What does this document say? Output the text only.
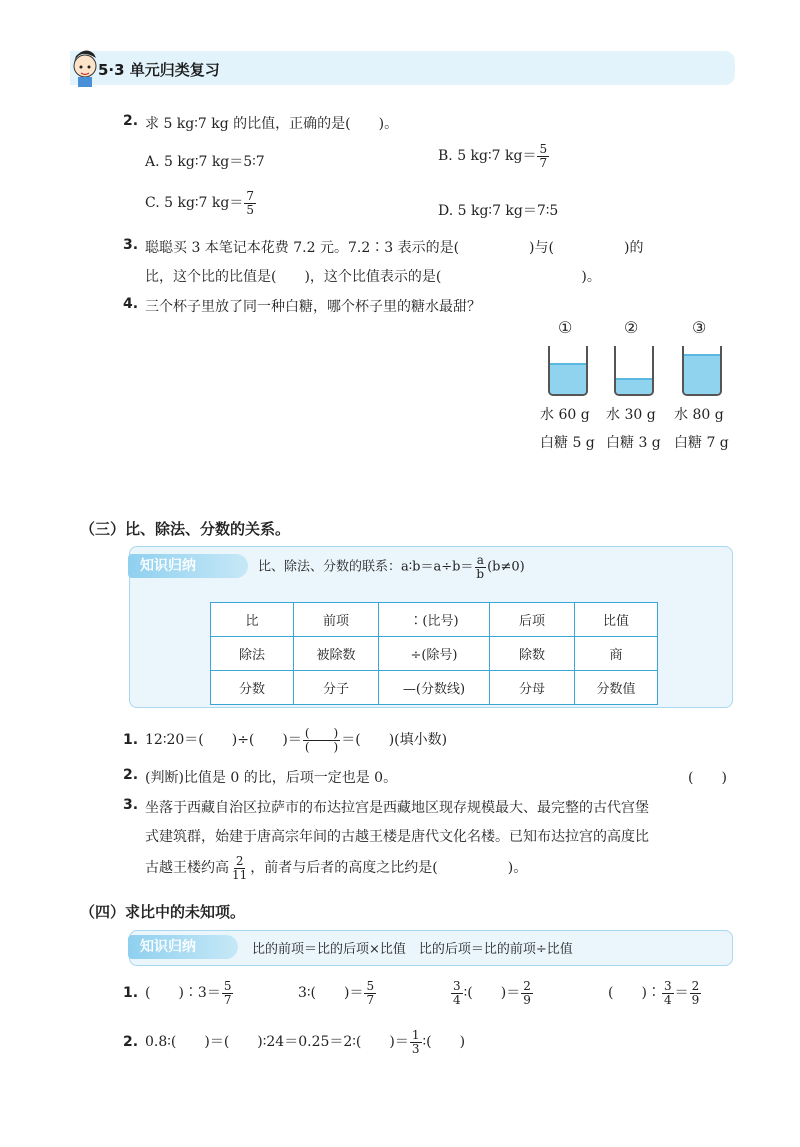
5·3 单元归类复习
2. 求 5 kg∶7 kg 的比值，正确的是(　　)。
A. 5 kg∶7 kg＝5∶7	B. 5 kg∶7 $kg= \frac{5}{7}$
C. 5 kg∶7 $kg= \frac{7}{5}$	D. 5 kg∶7 kg＝7∶5
3. 聪聪买 3 本笔记本花费 7.2 元。7.2∶3 表示的是(　　　　　)与(　　　　　)的
比，这个比的比值是(　　)，这个比值表示的是(　　　　　　　　　　)。
4. 三个杯子里放了同一种白糖，哪个杯子里的糖水最甜？
①	②	③
水 60 g 水 30 g 水 80 g
白糖 5 g 白糖 3 g 白糖 7 g
（三）比、除法、分数的关系。
知识归纳	比、除法、分数的联系：a∶b＝a÷b＝ $\frac{a}{b} (b\ne 0)$
比	前项	∶(比号)	后项	比值
除法	被除数	÷(除号)	除数	商
分数	分子	—(分数线)	分母	分数值
1. 12∶20＝(　　)÷(　　)＝ $\frac{( )}{( )}$ ＝(　　)(填小数)
2. (判断)比值是 0 的比，后项一定也是 0。	(　　)
3. 坐落于西藏自治区拉萨市的布达拉宫是西藏地区现存规模最大、最完整的古代宫堡
式建筑群，始建于唐高宗年间的古越王楼是唐代文化名楼。已知布达拉宫的高度比
古越王楼约高 $\frac{2}{11}$ ，前者与后者的高度之比约是(　　　　　)。
（四）求比中的未知项。
知识归纳	比的前项＝比的后项×比值　比的后项＝比的前项÷比值
1. (　　)∶3＝ $\frac{5}{7}$	3∶(　　)＝ $\frac{5}{7}$	$\frac{3}{4}$ ∶(　　)＝ $\frac{2}{9}$	(　　)∶ $\frac{3}{4} = \frac{2}{9}$
2. 0.8∶(　　)＝(　　)∶24＝0.25＝2∶(　　)＝ $\frac{1}{3}$ ∶(　　)
